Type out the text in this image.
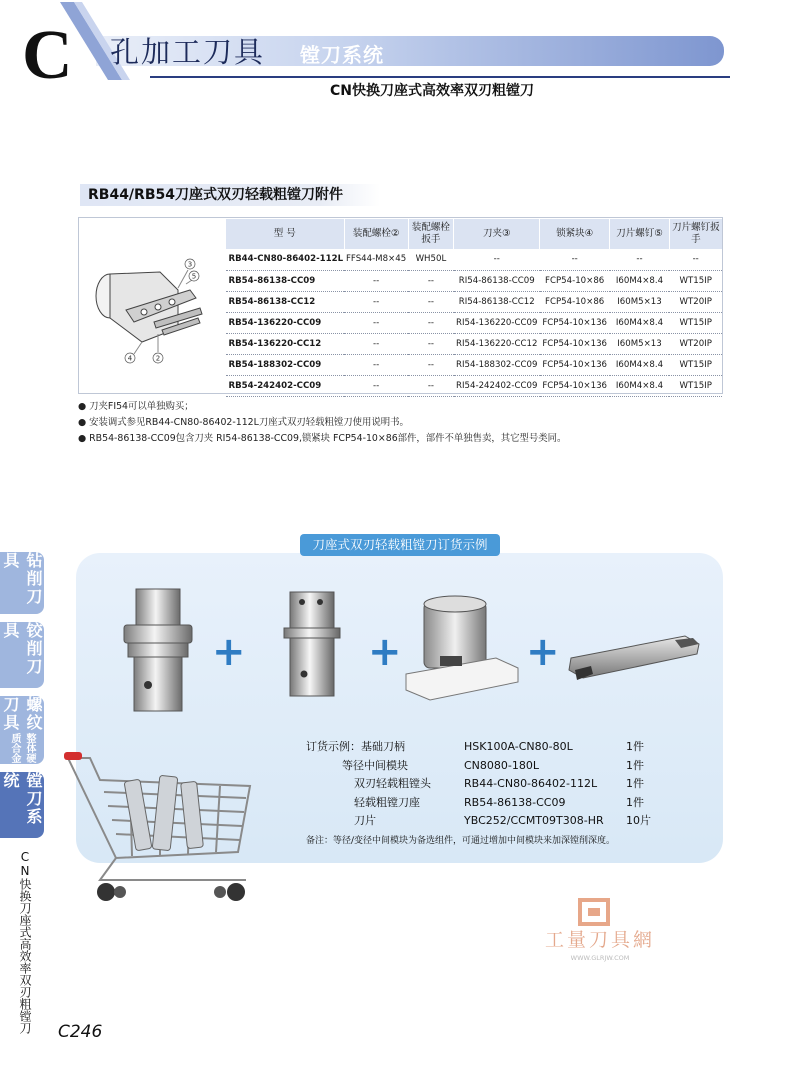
C	孔加工刀具 镗刀系统
CN快换刀座式高效率双刃粗镗刀
RB44/RB54刀座式双刃轻载粗镗刀附件
3
5
4	2
型 号	装配螺栓②	装配螺栓扳手	刀夹③	锁紧块④	刀片螺钉⑤	刀片螺钉扳手
RB44-CN80-86402-112L	FFS44-M8×45	WH50L	--	--	--	--
RB54-86138-CC09	--	--	RI54-86138-CC09	FCP54-10×86	I60M4×8.4	WT15IP
RB54-86138-CC12	--	--	RI54-86138-CC12	FCP54-10×86	I60M5×13	WT20IP
RB54-136220-CC09	--	--	RI54-136220-CC09	FCP54-10×136	I60M4×8.4	WT15IP
RB54-136220-CC12	--	--	RI54-136220-CC12	FCP54-10×136	I60M5×13	WT20IP
RB54-188302-CC09	--	--	RI54-188302-CC09	FCP54-10×136	I60M4×8.4	WT15IP
RB54-242402-CC09	--	--	RI54-242402-CC09	FCP54-10×136	I60M4×8.4	WT15IP
● 刀夹FI54可以单独购买；
● 安装调式参见RB44-CN80-86402-112L刀座式双刃轻载粗镗刀使用说明书。
● RB54-86138-CC09包含刀夹 RI54-86138-CC09,锁紧块 FCP54-10×86部件，部件不单独售卖，其它型号类同。
钻削刀具
铰削刀具
螺纹刀具
整体硬质合金
镗刀系统
CN快换刀座式高效率双刃粗镗刀
刀座式双刃轻载粗镗刀订货示例
+	+	+
订货示例：基础刀柄	HSK100A-CN80-80L	1件
等径中间模块	CN8080-180L	1件
双刃轻载粗镗头	RB44-CN80-86402-112L	1件
轻载粗镗刀座	RB54-86138-CC09	1件
刀片	YBC252/CCMT09T308-HR 10片
备注：等径/变径中间模块为备选组件，可通过增加中间模块来加深镗削深度。
工量刀具網
WWW.GLRJW.COM
C246
